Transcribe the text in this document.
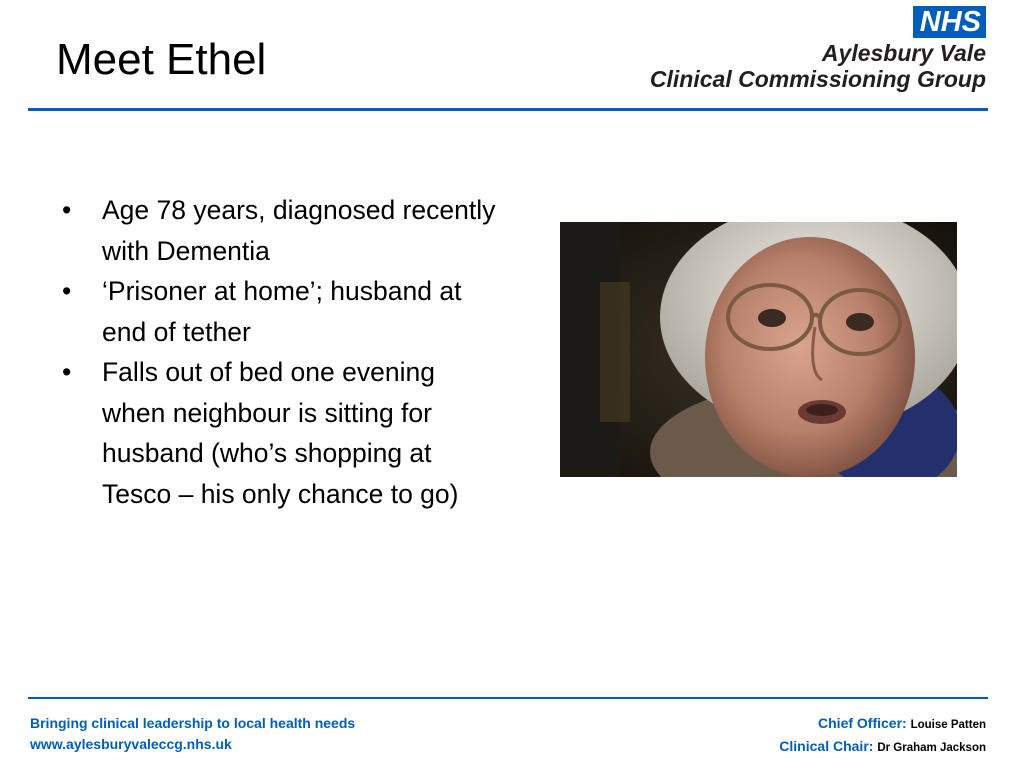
Meet Ethel
NHS
Aylesbury Vale
Clinical Commissioning Group
• Age 78 years, diagnosed recently with Dementia
• ‘Prisoner at home’; husband at end of tether
• Falls out of bed one evening when neighbour is sitting for husband (who’s shopping at Tesco – his only chance to go)
Bringing clinical leadership to local health needs
www.aylesburyvaleccg.nhs.uk
Chief Officer: Louise Patten
Clinical Chair: Dr Graham Jackson
